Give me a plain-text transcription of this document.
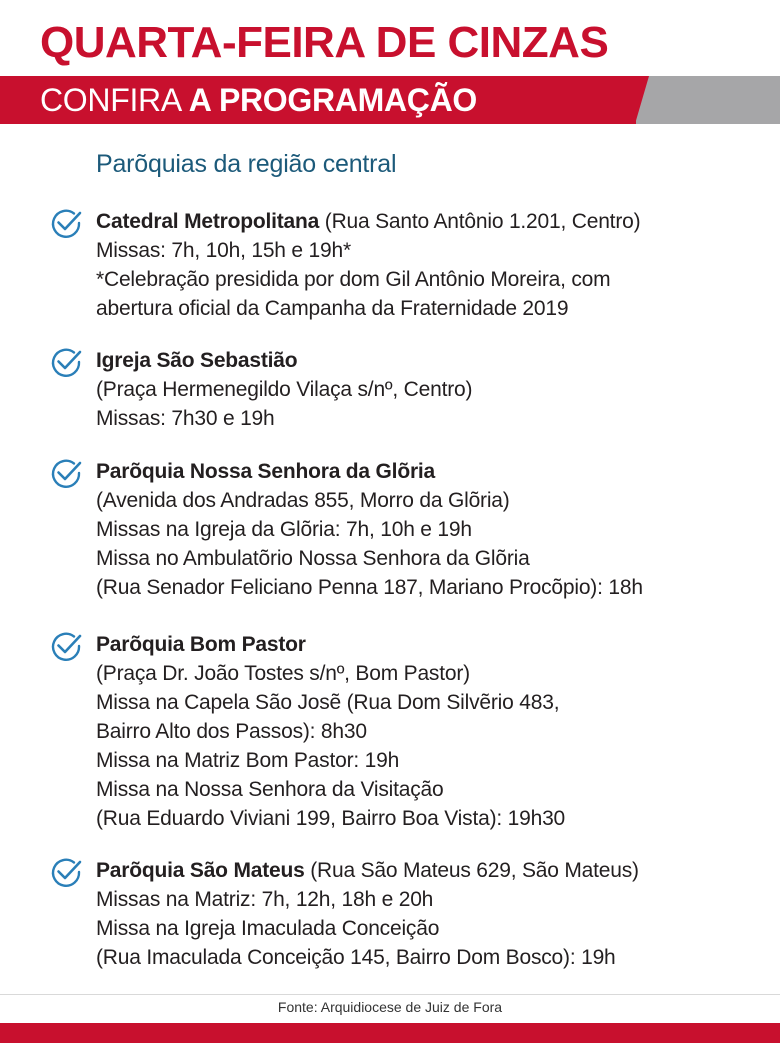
QUARTA-FEIRA DE CINZAS
CONFIRA A PROGRAMAÇÃO
Parõquias da região central
Catedral Metropolitana (Rua Santo Antônio 1.201, Centro)
Missas: 7h, 10h, 15h e 19h*
*Celebração presidida por dom Gil Antônio Moreira, com
abertura oficial da Campanha da Fraternidade 2019
Igreja São Sebastião
(Praça Hermenegildo Vilaça s/nº, Centro)
Missas: 7h30 e 19h
Parõquia Nossa Senhora da Glõria
(Avenida dos Andradas 855, Morro da Glõria)
Missas na Igreja da Glõria: 7h, 10h e 19h
Missa no Ambulatõrio Nossa Senhora da Glõria
(Rua Senador Feliciano Penna 187, Mariano Procõpio): 18h
Parõquia Bom Pastor
(Praça Dr. João Tostes s/nº, Bom Pastor)
Missa na Capela São Josẽ (Rua Dom Silvẽrio 483,
Bairro Alto dos Passos): 8h30
Missa na Matriz Bom Pastor: 19h
Missa na Nossa Senhora da Visitação
(Rua Eduardo Viviani 199, Bairro Boa Vista): 19h30
Parõquia São Mateus (Rua São Mateus 629, São Mateus)
Missas na Matriz: 7h, 12h, 18h e 20h
Missa na Igreja Imaculada Conceição
(Rua Imaculada Conceição 145, Bairro Dom Bosco): 19h
Fonte: Arquidiocese de Juiz de Fora
